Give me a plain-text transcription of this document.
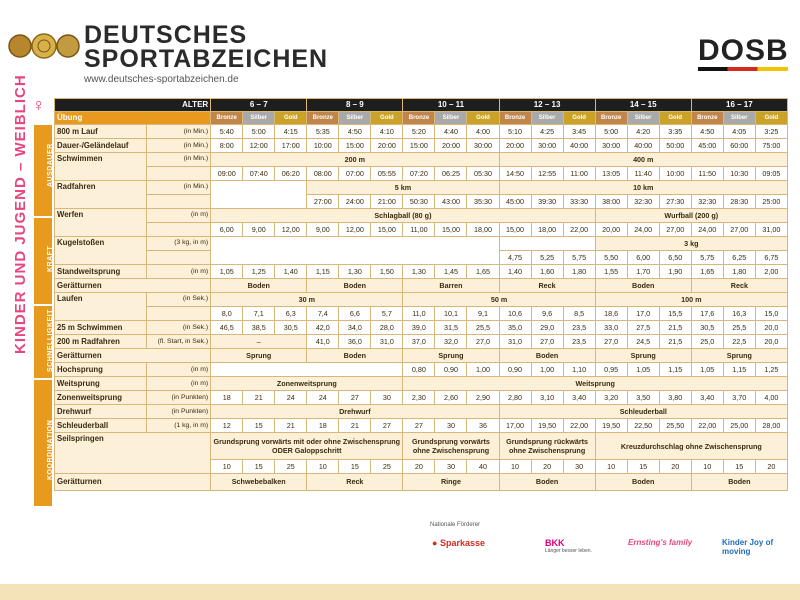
DEUTSCHES
SPORTABZEICHEN
www.deutsches-sportabzeichen.de
DOSB
KINDER UND JUGEND – WEIBLICH ♀
AUSDAUER
KRAFT
SCHNELLIGKEIT
KOORDINATION
ALTER		6 – 7			8 – 9			10 – 11			12 – 13			14 – 15			16 – 17		
Übung		Bronze	Silber	Gold	Bronze	Silber	Gold	Bronze	Silber	Gold	Bronze	Silber	Gold	Bronze	Silber	Gold	Bronze	Silber	Gold
800 m Lauf	(in Min.)	5:40	5:00	4:15	5:35	4:50	4:10	5:20	4:40	4:00	5:10	4:25	3:45	5:00	4:20	3:35	4:50	4:05	3:25
Dauer-/Geländelauf	(in Min.)	8:00	12:00	17:00	10:00	15:00	20:00	15:00	20:00	30:00	20:00	30:00	40:00	30:00	40:00	50:00	45:00	60:00	75:00
Schwimmen	(in Min.)	200 m									400 m								
		09:00	07:40	06:20	08:00	07:00	05:55	07:20	06:25	05:30	14:50	12:55	11:00	13:05	11:40	10:00	11:50	10:30	09:05
Radfahren	(in Min.)				5 km						10 km								
					27:00	24:00	21:00	50:30	43:00	35:30	45:00	39:30	33:30	38:00	32:30	27:30	32:30	28:30	25:00
Werfen	(in m)	Schlagball (80 g)												Wurfball (200 g)					
		6,00	9,00	12,00	9,00	12,00	15,00	11,00	15,00	18,00	15,00	18,00	22,00	20,00	24,00	27,00	24,00	27,00	31,00
Kugelstoßen	(3 kg, in m)													3 kg					
											4,75	5,25	5,75	5,50	6,00	6,50	5,75	6,25	6,75
Standweitsprung	(in m)	1,05	1,25	1,40	1,15	1,30	1,50	1,30	1,45	1,65	1,40	1,60	1,80	1,55	1,70	1,90	1,65	1,80	2,00
Gerätturnen		Boden			Boden			Barren			Reck			Boden			Reck		
Laufen	(in Sek.)	30 m						50 m						100 m					
		8,0	7,1	6,3	7,4	6,6	5,7	11,0	10,1	9,1	10,6	9,6	8,5	18,6	17,0	15,5	17,6	16,3	15,0
25 m Schwimmen	(in Sek.)	46,5	38,5	30,5	42,0	34,0	28,0	39,0	31,5	25,5	35,0	29,0	23,5	33,0	27,5	21,5	30,5	25,5	20,0
200 m Radfahren	(fl. Start, in Sek.)	–			41,0	36,0	31,0	37,0	32,0	27,0	31,0	27,0	23,5	27,0	24,5	21,5	25,0	22,5	20,0
Gerätturnen		Sprung			Boden			Sprung			Boden			Sprung			Sprung		
Hochsprung	(in m)							0,80	0,90	1,00	0,90	1,00	1,10	0,95	1,05	1,15	1,05	1,15	1,25
Weitsprung	(in m)	Zonenweitsprung						Weitsprung											
Zonenweitsprung	(in Punkten)	18	21	24	24	27	30	2,30	2,60	2,90	2,80	3,10	3,40	3,20	3,50	3,80	3,40	3,70	4,00
Drehwurf	(in Punkten)	Drehwurf									Schleuderball								
Schleuderball	(1 kg, in m)	12	15	21	18	21	27	27	30	36	17,00	19,50	22,00	19,50	22,50	25,50	22,00	25,00	28,00
Seilspringen		Grundsprung vorwärts mit oder ohne Zwischensprung ODER Galoppschritt						Grundsprung vorwärts ohne Zwischensprung			Grundsprung rückwärts ohne Zwischensprung			Kreuzdurchschlag ohne Zwischensprung					
		10	15	25	10	15	25	20	30	40	10	20	30	10	15	20	10	15	20
Gerätturnen		Schwebebalken			Reck			Ringe			Boden			Boden			Boden		
Nationale Förderer
● Sparkasse	BKK
Länger besser leben.
Ernsting's family	Kinder Joy of moving
